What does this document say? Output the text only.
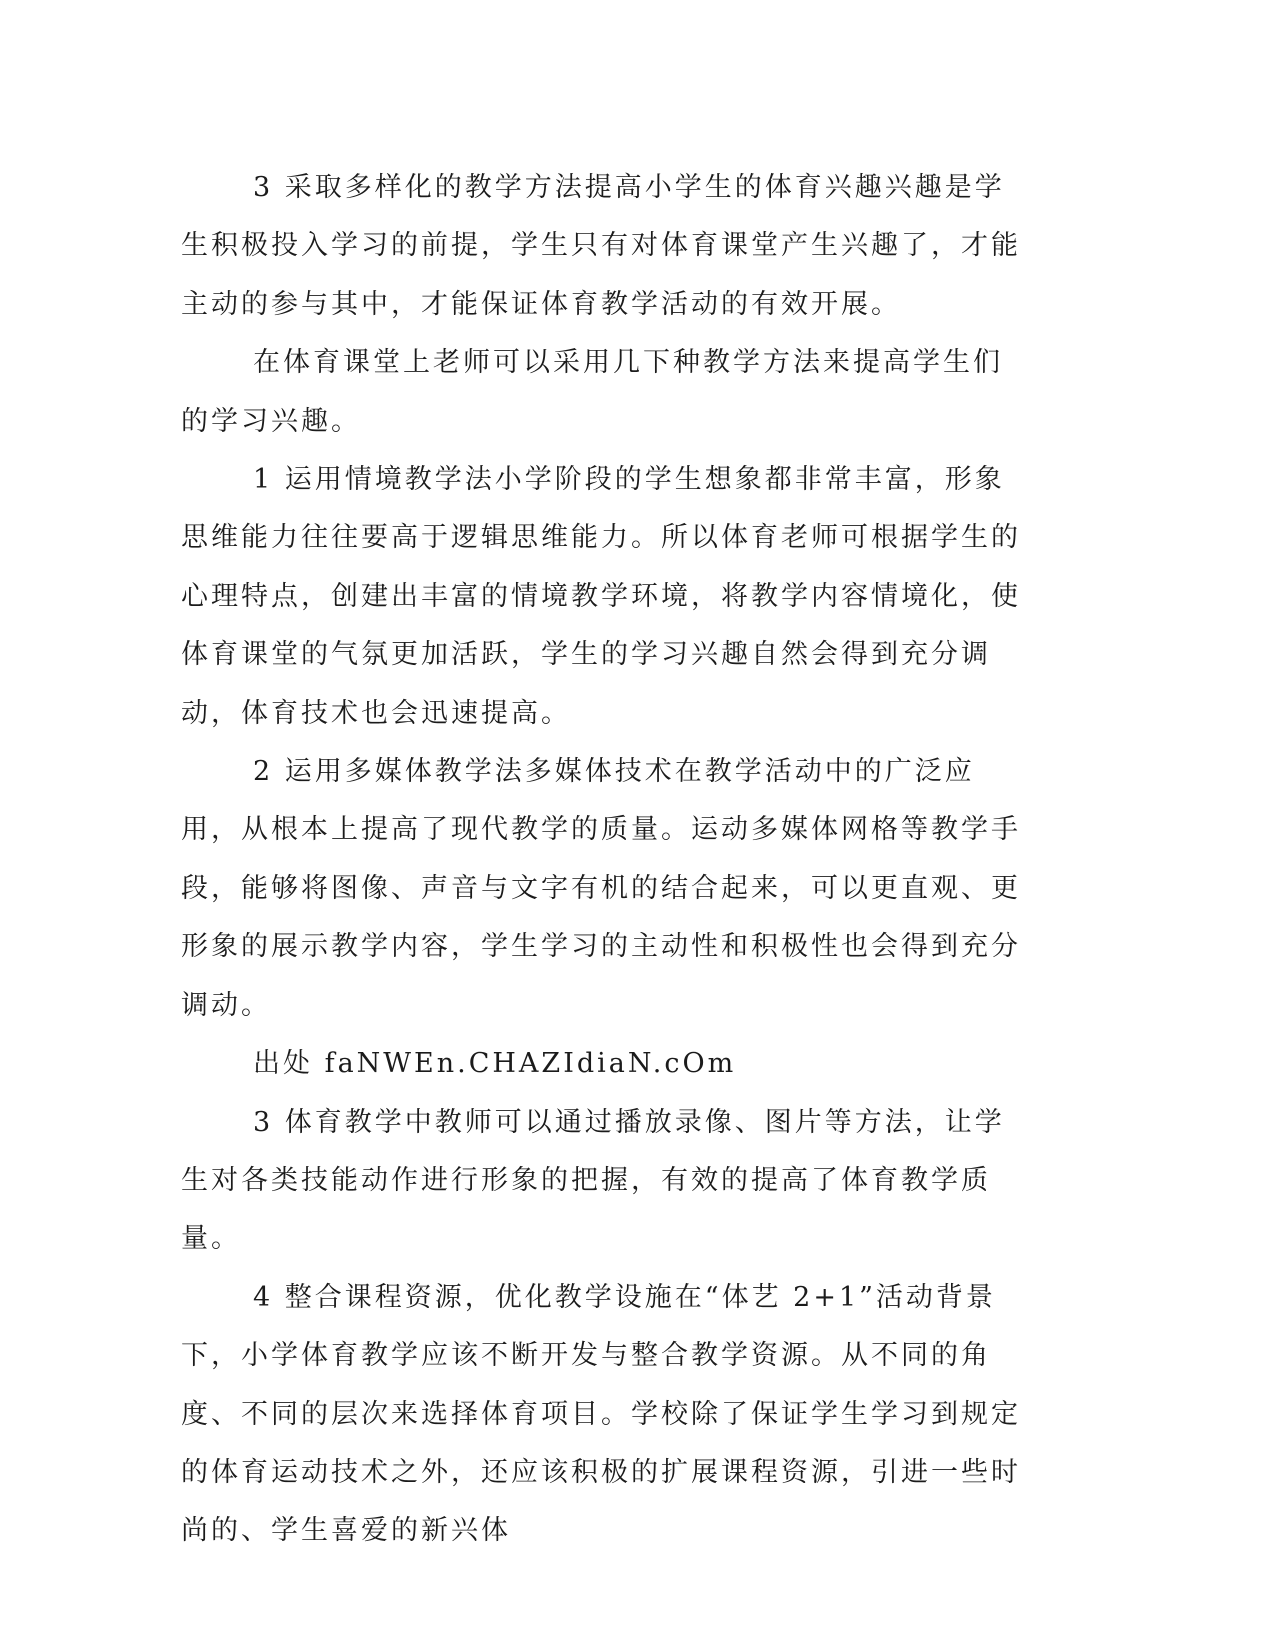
3 采取多样化的教学方法提高小学生的体育兴趣兴趣是学生积极投入学习的前提，学生只有对体育课堂产生兴趣了，才能主动的参与其中，才能保证体育教学活动的有效开展。

在体育课堂上老师可以采用几下种教学方法来提高学生们的学习兴趣。

1 运用情境教学法小学阶段的学生想象都非常丰富，形象思维能力往往要高于逻辑思维能力。所以体育老师可根据学生的心理特点，创建出丰富的情境教学环境，将教学内容情境化，使体育课堂的气氛更加活跃，学生的学习兴趣自然会得到充分调动，体育技术也会迅速提高。

2 运用多媒体教学法多媒体技术在教学活动中的广泛应用，从根本上提高了现代教学的质量。运动多媒体网格等教学手段，能够将图像、声音与文字有机的结合起来，可以更直观、更形象的展示教学内容，学生学习的主动性和积极性也会得到充分调动。

出处 faNWEn.CHAZIdiaN.cOm

3 体育教学中教师可以通过播放录像、图片等方法，让学生对各类技能动作进行形象的把握，有效的提高了体育教学质量。

4 整合课程资源，优化教学设施在“体艺 2+1”活动背景下，小学体育教学应该不断开发与整合教学资源。从不同的角度、不同的层次来选择体育项目。学校除了保证学生学习到规定的体育运动技术之外，还应该积极的扩展课程资源，引进一些时尚的、学生喜爱的新兴体
